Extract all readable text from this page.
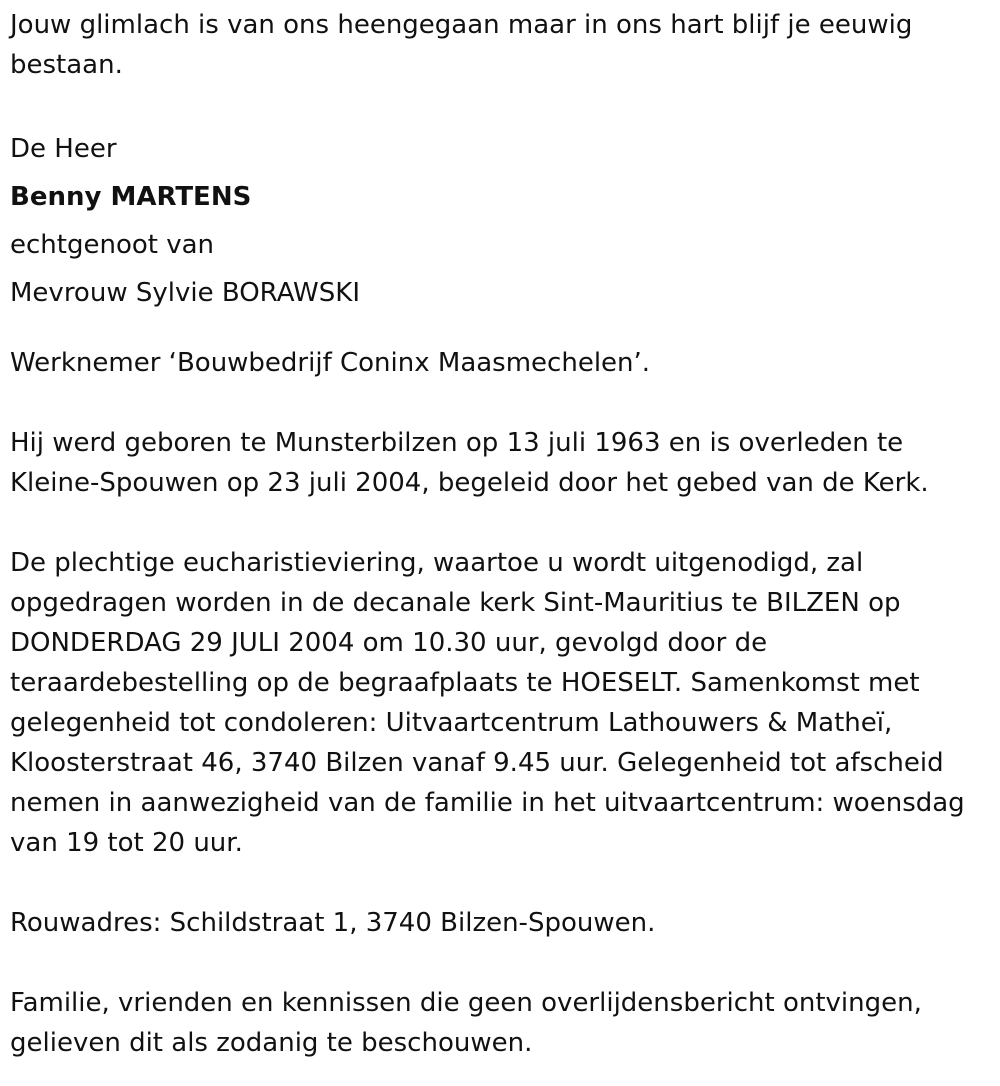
Jouw glimlach is van ons heengegaan maar in ons hart blijf je eeuwig
bestaan.
De Heer
Benny MARTENS
echtgenoot van
Mevrouw Sylvie BORAWSKI
Werknemer ‘Bouwbedrijf Coninx Maasmechelen’.
Hij werd geboren te Munsterbilzen op 13 juli 1963 en is overleden te
Kleine-Spouwen op 23 juli 2004, begeleid door het gebed van de Kerk.
De plechtige eucharistieviering, waartoe u wordt uitgenodigd, zal
opgedragen worden in de decanale kerk Sint-Mauritius te BILZEN op
DONDERDAG 29 JULI 2004 om 10.30 uur, gevolgd door de
teraardebestelling op de begraafplaats te HOESELT. Samenkomst met
gelegenheid tot condoleren: Uitvaartcentrum Lathouwers & Matheï,
Kloosterstraat 46, 3740 Bilzen vanaf 9.45 uur. Gelegenheid tot afscheid
nemen in aanwezigheid van de familie in het uitvaartcentrum: woensdag
van 19 tot 20 uur.
Rouwadres: Schildstraat 1, 3740 Bilzen-Spouwen.
Familie, vrienden en kennissen die geen overlijdensbericht ontvingen,
gelieven dit als zodanig te beschouwen.
